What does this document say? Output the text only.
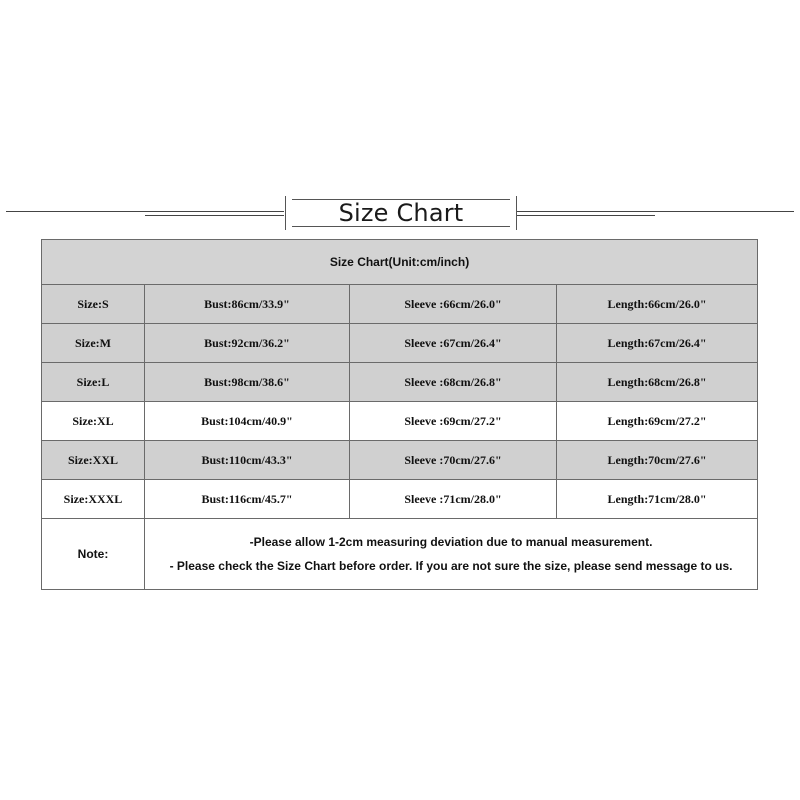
Size Chart
Size Chart(Unit:cm/inch)			
Size:S	Bust:86cm/33.9"	Sleeve :66cm/26.0"	Length:66cm/26.0"
Size:M	Bust:92cm/36.2"	Sleeve :67cm/26.4"	Length:67cm/26.4"
Size:L	Bust:98cm/38.6"	Sleeve :68cm/26.8"	Length:68cm/26.8"
Size:XL	Bust:104cm/40.9"	Sleeve :69cm/27.2"	Length:69cm/27.2"
Size:XXL	Bust:110cm/43.3"	Sleeve :70cm/27.6"	Length:70cm/27.6"
Size:XXXL	Bust:116cm/45.7"	Sleeve :71cm/28.0"	Length:71cm/28.0"
Note:	-Please allow 1-2cm measuring deviation due to manual measurement.
- Please check the Size Chart before order. If you are not sure the size, please send message to us.		
